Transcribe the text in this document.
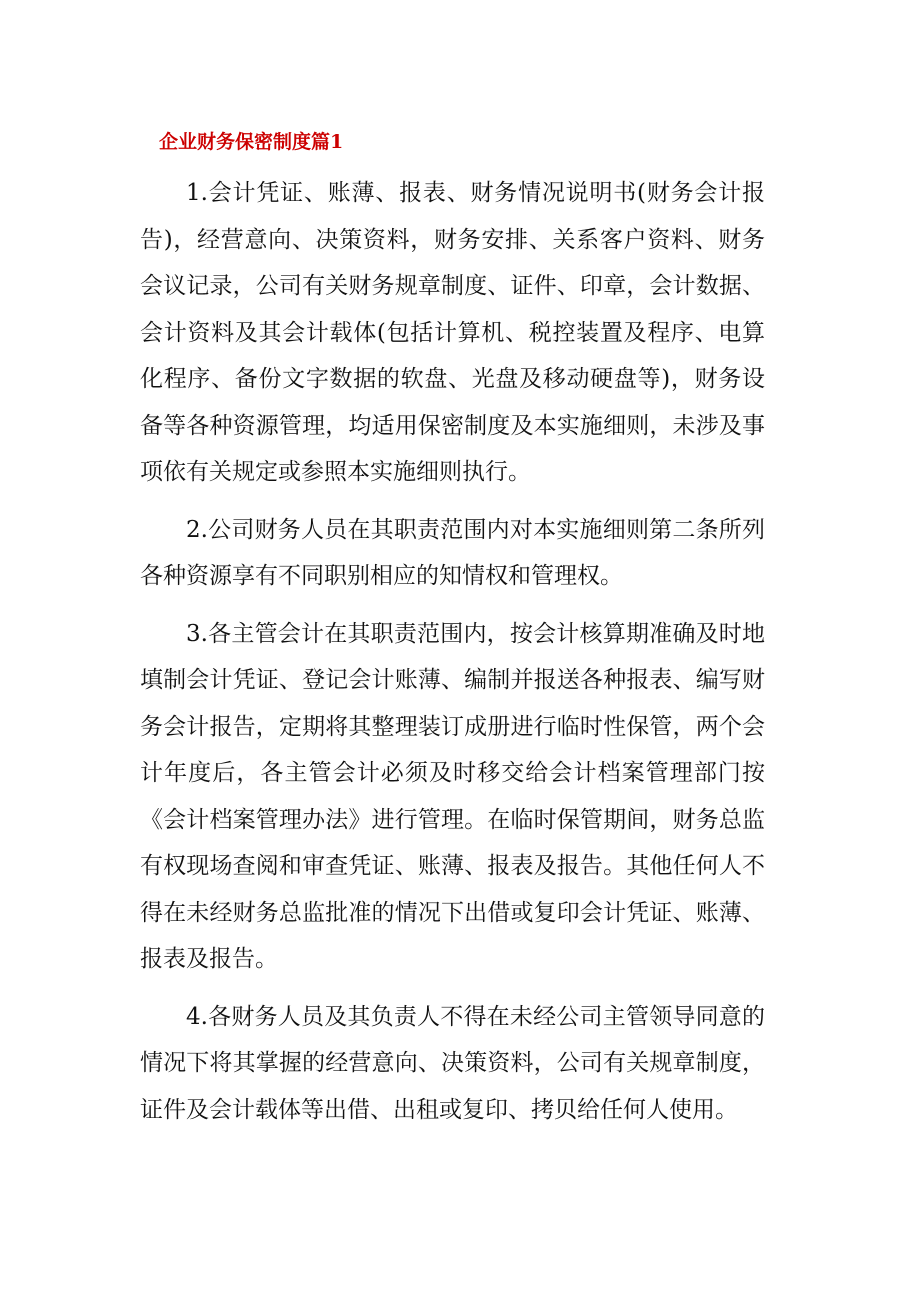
企业财务保密制度篇1

1.会计凭证、账薄、报表、财务情况说明书(财务会计报告)，经营意向、决策资料，财务安排、关系客户资料、财务会议记录，公司有关财务规章制度、证件、印章，会计数据、会计资料及其会计载体(包括计算机、税控装置及程序、电算化程序、备份文字数据的软盘、光盘及移动硬盘等)，财务设备等各种资源管理，均适用保密制度及本实施细则，未涉及事项依有关规定或参照本实施细则执行。

2.公司财务人员在其职责范围内对本实施细则第二条所列各种资源享有不同职别相应的知情权和管理权。

3.各主管会计在其职责范围内，按会计核算期准确及时地填制会计凭证、登记会计账薄、编制并报送各种报表、编写财务会计报告，定期将其整理装订成册进行临时性保管，两个会计年度后，各主管会计必须及时移交给会计档案管理部门按《会计档案管理办法》进行管理。在临时保管期间，财务总监有权现场查阅和审查凭证、账薄、报表及报告。其他任何人不得在未经财务总监批准的情况下出借或复印会计凭证、账薄、报表及报告。

4.各财务人员及其负责人不得在未经公司主管领导同意的情况下将其掌握的经营意向、决策资料，公司有关规章制度，证件及会计载体等出借、出租或复印、拷贝给任何人使用。
